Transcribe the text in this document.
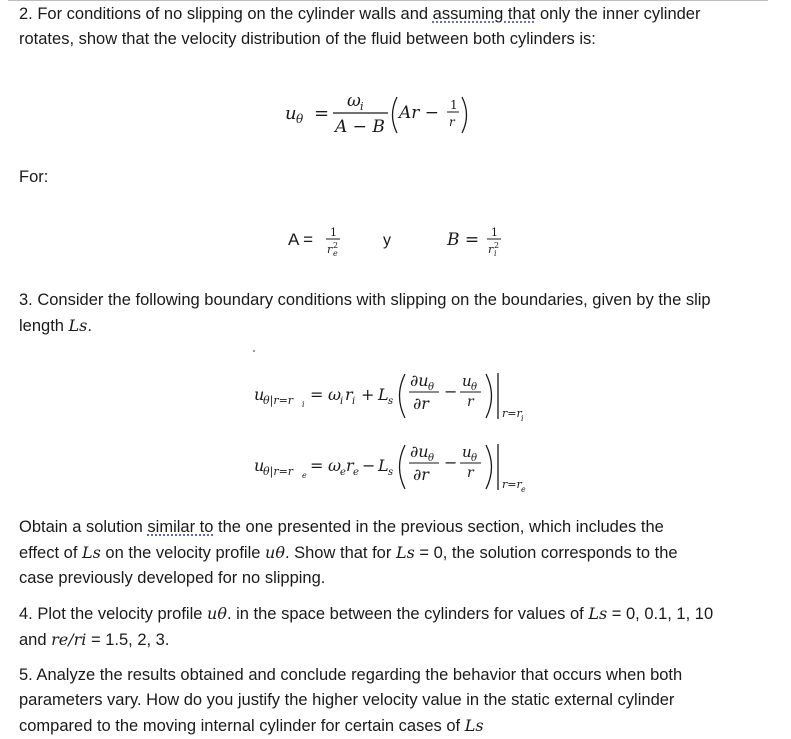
2. For conditions of no slipping on the cylinder walls and assuming that only the inner cylinder
rotates, show that the velocity distribution of the fluid between both cylinders is:
u θ =
ω i
A − B
Ar − 1
r
For:
A = 1
r e
2	y	B = 1
r i
2
3. Consider the following boundary conditions with slipping on the boundaries, given by the slip
length Ls.
u
θ|r=r i
= ω
i r i + L s
∂u θ
∂r
−
u θ
r
r=r i
u
θ|r=r e
= ω
e r e − L s
∂u θ
∂r
−
u θ
r
r=r e
Obtain a solution similar to the one presented in the previous section, which includes the
effect of Ls on the velocity profile uθ. Show that for Ls = 0, the solution corresponds to the
case previously developed for no slipping.
4. Plot the velocity profile uθ. in the space between the cylinders for values of Ls = 0, 0.1, 1, 10
and re/ri = 1.5, 2, 3.
5. Analyze the results obtained and conclude regarding the behavior that occurs when both
parameters vary. How do you justify the higher velocity value in the static external cylinder
compared to the moving internal cylinder for certain cases of Ls
